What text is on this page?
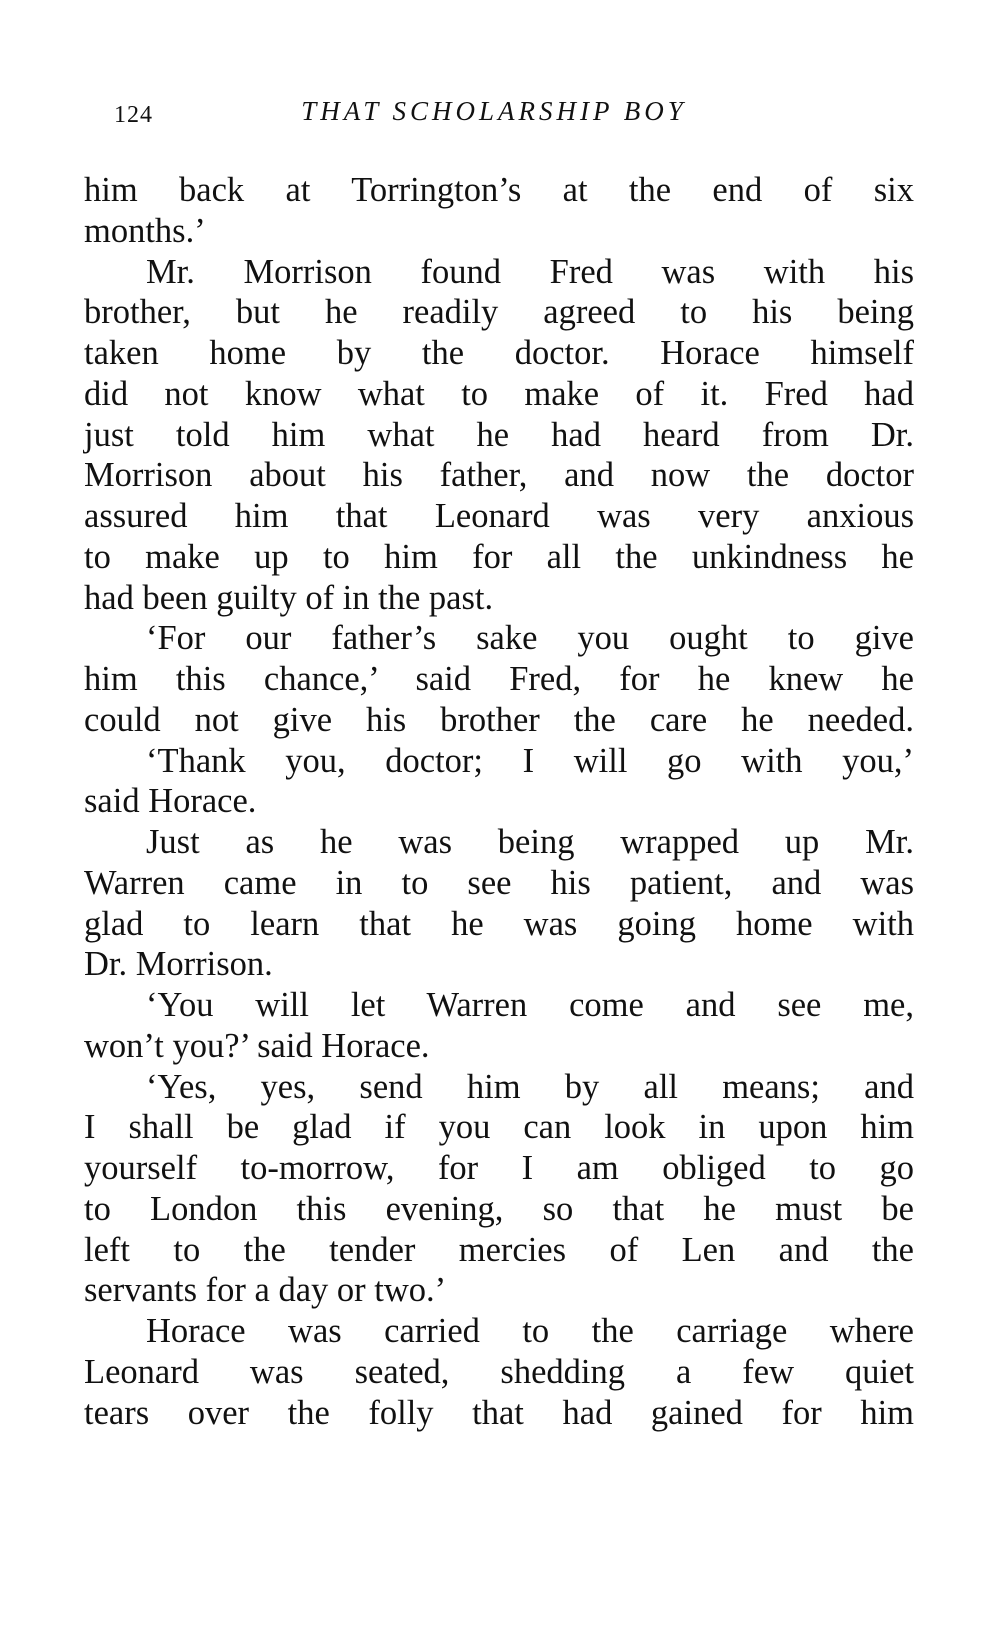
124	THAT SCHOLARSHIP BOY
him back at Torrington’s at the end of six
months.’
Mr. Morrison found Fred was with his
brother, but he readily agreed to his being
taken home by the doctor. Horace himself
did not know what to make of it. Fred had
just told him what he had heard from Dr.
Morrison about his father, and now the doctor
assured him that Leonard was very anxious
to make up to him for all the unkindness he
had been guilty of in the past.
‘For our father’s sake you ought to give
him this chance,’ said Fred, for he knew he
could not give his brother the care he needed.
‘Thank you, doctor; I will go with you,’
said Horace.
Just as he was being wrapped up Mr.
Warren came in to see his patient, and was
glad to learn that he was going home with
Dr. Morrison.
‘You will let Warren come and see me,
won’t you?’ said Horace.
‘Yes, yes, send him by all means; and
I shall be glad if you can look in upon him
yourself to-morrow, for I am obliged to go
to London this evening, so that he must be
left to the tender mercies of Len and the
servants for a day or two.’
Horace was carried to the carriage where
Leonard was seated, shedding a few quiet
tears over the folly that had gained for him
